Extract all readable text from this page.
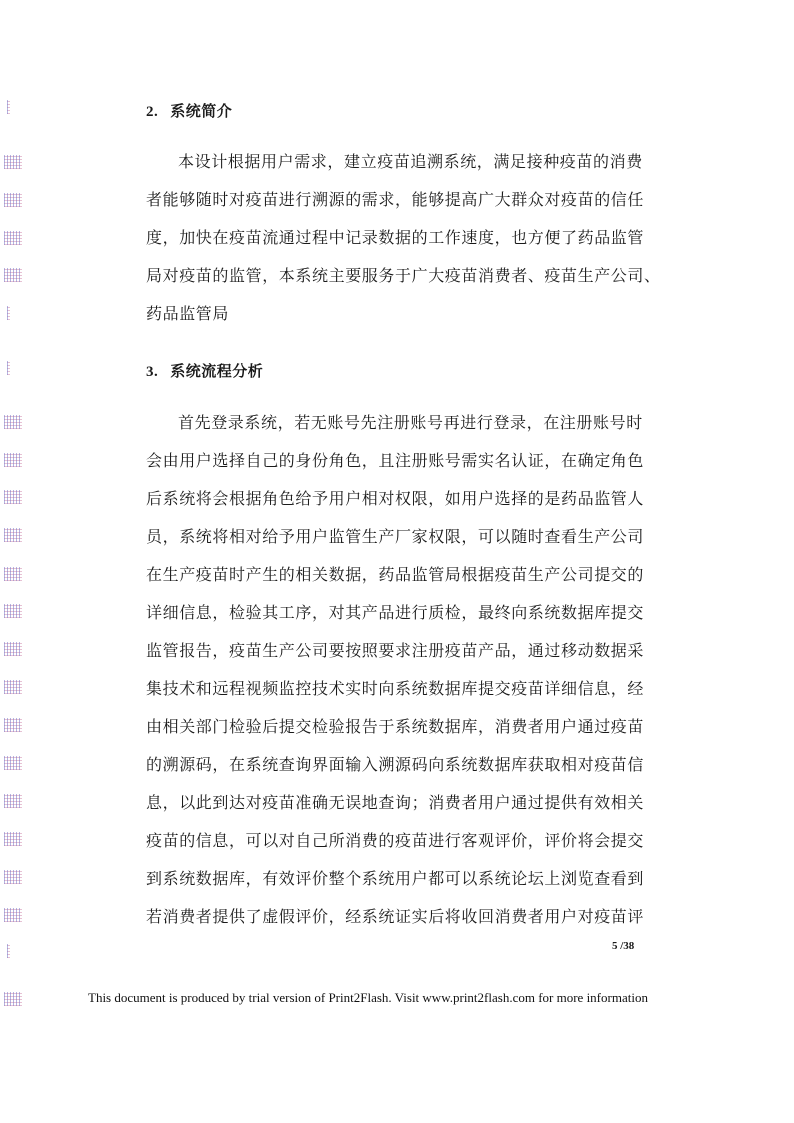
2. 系统简介
本设计根据用户需求，建立疫苗追溯系统，满足接种疫苗的消费
者能够随时对疫苗进行溯源的需求，能够提高广大群众对疫苗的信任
度，加快在疫苗流通过程中记录数据的工作速度，也方便了药品监管
局对疫苗的监管，本系统主要服务于广大疫苗消费者、疫苗生产公司、
药品监管局
3. 系统流程分析
首先登录系统，若无账号先注册账号再进行登录，在注册账号时
会由用户选择自己的身份角色，且注册账号需实名认证，在确定角色
后系统将会根据角色给予用户相对权限，如用户选择的是药品监管人
员，系统将相对给予用户监管生产厂家权限，可以随时查看生产公司
在生产疫苗时产生的相关数据，药品监管局根据疫苗生产公司提交的
详细信息，检验其工序，对其产品进行质检，最终向系统数据库提交
监管报告，疫苗生产公司要按照要求注册疫苗产品，通过移动数据采
集技术和远程视频监控技术实时向系统数据库提交疫苗详细信息，经
由相关部门检验后提交检验报告于系统数据库，消费者用户通过疫苗
的溯源码，在系统查询界面输入溯源码向系统数据库获取相对疫苗信
息，以此到达对疫苗准确无误地查询；消费者用户通过提供有效相关
疫苗的信息，可以对自己所消费的疫苗进行客观评价，评价将会提交
到系统数据库，有效评价整个系统用户都可以系统论坛上浏览查看到
若消费者提供了虚假评价，经系统证实后将收回消费者用户对疫苗评
5 /38
This document is produced by trial version of Print2Flash. Visit www.print2flash.com for more information
